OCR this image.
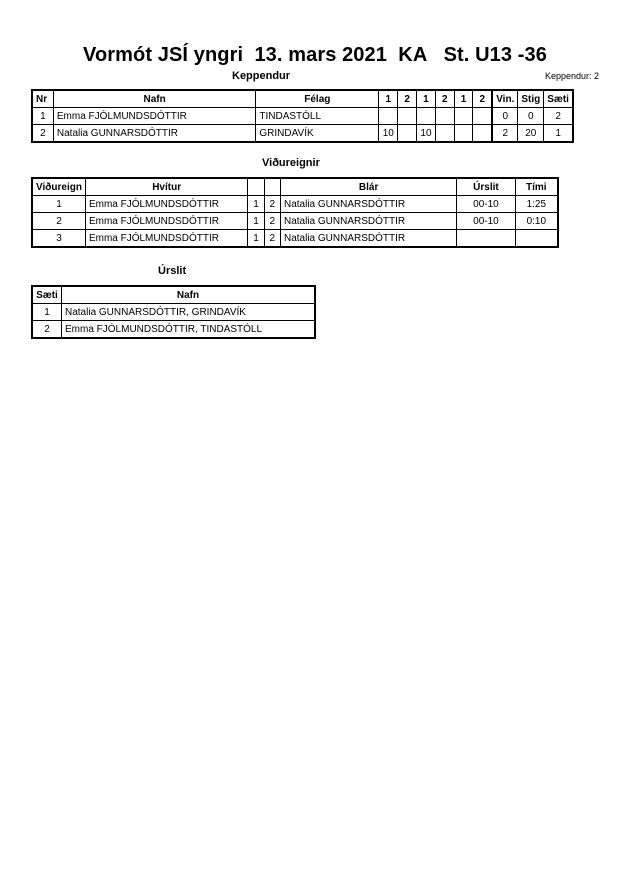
Vormót JSÍ yngri  13. mars 2021  KA   St. U13 -36
Keppendur	Keppendur: 2
Nr	Nafn	Félag	1	2	1	2	1	2	Vin.	Stig	Sæti
1	Emma FJÓLMUNDSDÓTTIR	TINDASTÓLL							0	0	2
2	Natalia GUNNARSDÓTTIR	GRINDAVÍK	10		10				2	20	1
Viðureignir
Viðureign	Hvítur			Blár	Úrslit	Tími
1	Emma FJÓLMUNDSDÓTTIR	1	2	Natalia GUNNARSDÓTTIR	00-10	1:25
2	Emma FJÓLMUNDSDÓTTIR	1	2	Natalia GUNNARSDÓTTIR	00-10	0:10
3	Emma FJÓLMUNDSDÓTTIR	1	2	Natalia GUNNARSDÓTTIR		
Úrslit
Sæti	Nafn
1	Natalia GUNNARSDÓTTIR, GRINDAVÍK
2	Emma FJÓLMUNDSDÓTTIR, TINDASTÓLL
